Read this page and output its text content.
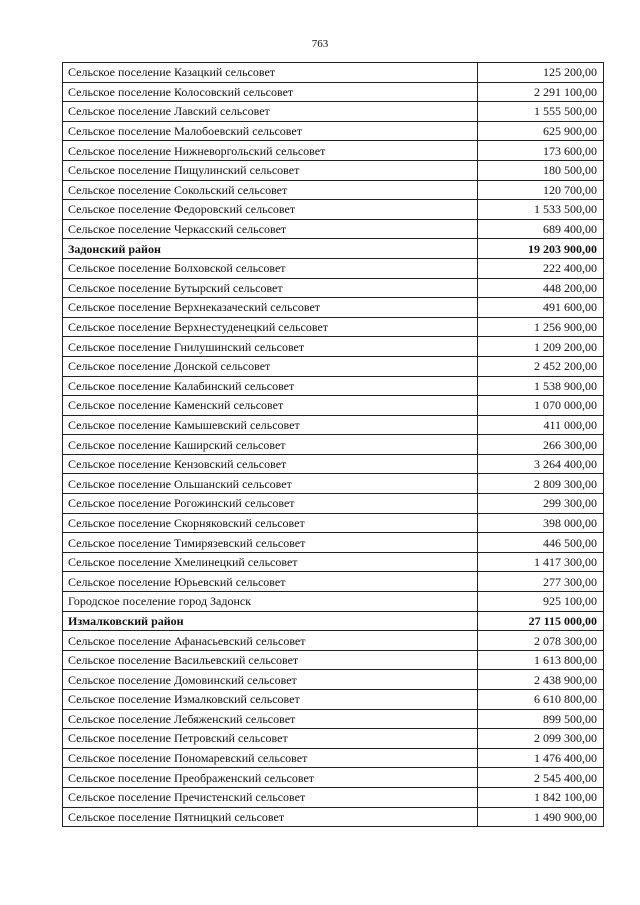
763
Сельское поселение Казацкий сельсовет	125 200,00
Сельское поселение Колосовский сельсовет	2 291 100,00
Сельское поселение Лавский сельсовет	1 555 500,00
Сельское поселение Малобоевский сельсовет	625 900,00
Сельское поселение Нижневоргольский сельсовет	173 600,00
Сельское поселение Пищулинский сельсовет	180 500,00
Сельское поселение Сокольский сельсовет	120 700,00
Сельское поселение Федоровский сельсовет	1 533 500,00
Сельское поселение Черкасский сельсовет	689 400,00
Задонский район	19 203 900,00
Сельское поселение Болховской сельсовет	222 400,00
Сельское поселение Бутырский сельсовет	448 200,00
Сельское поселение Верхнеказаческий сельсовет	491 600,00
Сельское поселение Верхнестуденецкий сельсовет	1 256 900,00
Сельское поселение Гнилушинский сельсовет	1 209 200,00
Сельское поселение Донской сельсовет	2 452 200,00
Сельское поселение Калабинский сельсовет	1 538 900,00
Сельское поселение Каменский сельсовет	1 070 000,00
Сельское поселение Камышевский сельсовет	411 000,00
Сельское поселение Каширский сельсовет	266 300,00
Сельское поселение Кензовский сельсовет	3 264 400,00
Сельское поселение Ольшанский сельсовет	2 809 300,00
Сельское поселение Рогожинский сельсовет	299 300,00
Сельское поселение Скорняковский сельсовет	398 000,00
Сельское поселение Тимирязевский сельсовет	446 500,00
Сельское поселение Хмелинецкий сельсовет	1 417 300,00
Сельское поселение Юрьевский сельсовет	277 300,00
Городское поселение город Задонск	925 100,00
Измалковский район	27 115 000,00
Сельское поселение Афанасьевский сельсовет	2 078 300,00
Сельское поселение Васильевский сельсовет	1 613 800,00
Сельское поселение Домовинский сельсовет	2 438 900,00
Сельское поселение Измалковский сельсовет	6 610 800,00
Сельское поселение Лебяженский сельсовет	899 500,00
Сельское поселение Петровский сельсовет	2 099 300,00
Сельское поселение Пономаревский сельсовет	1 476 400,00
Сельское поселение Преображенский сельсовет	2 545 400,00
Сельское поселение Пречистенский сельсовет	1 842 100,00
Сельское поселение Пятницкий сельсовет	1 490 900,00
